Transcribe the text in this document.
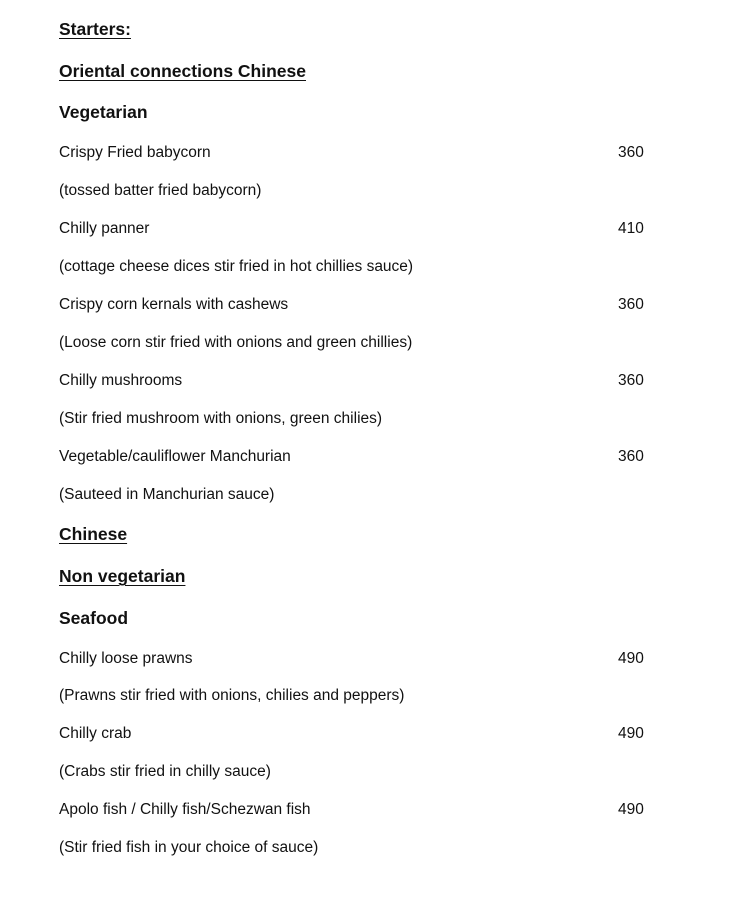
Starters:
Oriental connections Chinese
Vegetarian
Crispy Fried babycorn	360
(tossed batter fried babycorn)
Chilly panner	410
(cottage cheese dices stir fried in hot chillies sauce)
Crispy corn kernals with cashews	360
(Loose corn stir fried with onions and green chillies)
Chilly mushrooms	360
(Stir fried mushroom with onions, green chilies)
Vegetable/cauliflower Manchurian	360
(Sauteed in Manchurian sauce)
Chinese
Non vegetarian
Seafood
Chilly loose prawns	490
(Prawns stir fried with onions, chilies and peppers)
Chilly crab	490
(Crabs stir fried in chilly sauce)
Apolo fish / Chilly fish/Schezwan fish	490
(Stir fried fish in your choice of sauce)
